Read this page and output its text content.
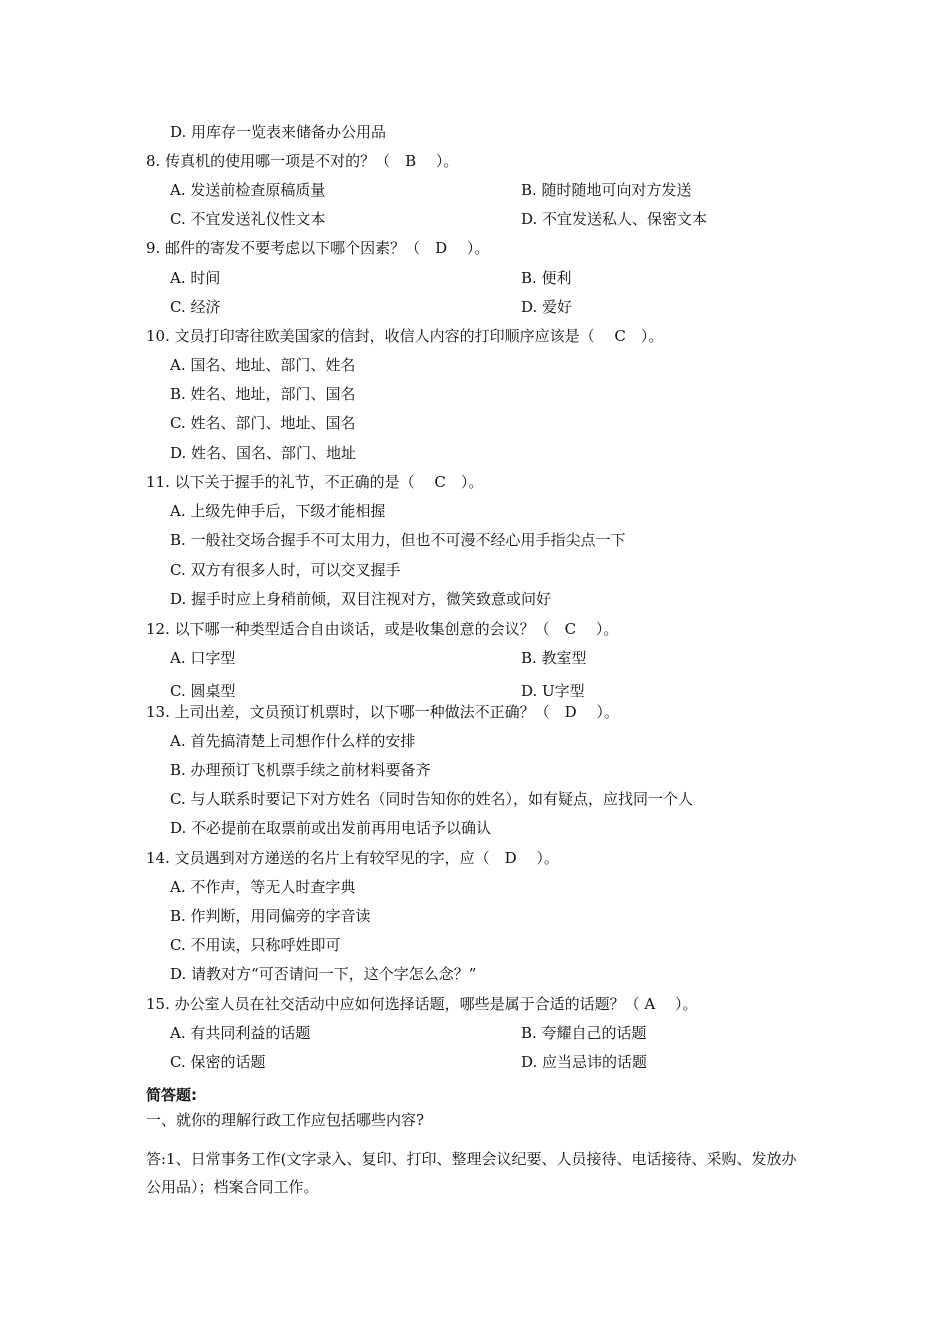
D. 用库存一览表来储备办公用品
8. 传真机的使用哪一项是不对的？（　B　 ）。
A. 发送前检查原稿质量	B. 随时随地可向对方发送
C. 不宜发送礼仪性文本	D. 不宜发送私人、保密文本
9. 邮件的寄发不要考虑以下哪个因素？（　D　 ）。
A. 时间	B. 便利
C. 经济	D. 爱好
10. 文员打印寄往欧美国家的信封，收信人内容的打印顺序应该是（　 C　）。
A. 国名、地址、部门、姓名
B. 姓名、地址，部门、国名
C. 姓名、部门、地址、国名
D. 姓名、国名、部门、地址
11. 以下关于握手的礼节，不正确的是（　 C　）。
A. 上级先伸手后，下级才能相握
B. 一般社交场合握手不可太用力，但也不可漫不经心用手指尖点一下
C. 双方有很多人时，可以交叉握手
D. 握手时应上身稍前倾，双目注视对方，微笑致意或问好
12. 以下哪一种类型适合自由谈话，或是收集创意的会议？（　C　 ）。
A. 口字型	B. 教室型
C. 圆桌型	D. U字型
13. 上司出差，文员预订机票时，以下哪一种做法不正确？（　D　 ）。
A. 首先搞清楚上司想作什么样的安排
B. 办理预订飞机票手续之前材料要备齐
C. 与人联系时要记下对方姓名（同时告知你的姓名），如有疑点，应找同一个人
D. 不必提前在取票前或出发前再用电话予以确认
14. 文员遇到对方递送的名片上有较罕见的字，应（　D　 ）。
A. 不作声，等无人时查字典
B. 作判断，用同偏旁的字音读
C. 不用读，只称呼姓即可
D. 请教对方“可否请问一下，这个字怎么念？”
15. 办公室人员在社交活动中应如何选择话题，哪些是属于合适的话题？（ A　 ）。
A. 有共同利益的话题	B. 夸耀自己的话题
C. 保密的话题	D. 应当忌讳的话题
简答题:
一、就你的理解行政工作应包括哪些内容?
答:1、日常事务工作(文字录入、复印、打印、整理会议纪要、人员接待、电话接待、采购、发放办公用品）；档案合同工作。
